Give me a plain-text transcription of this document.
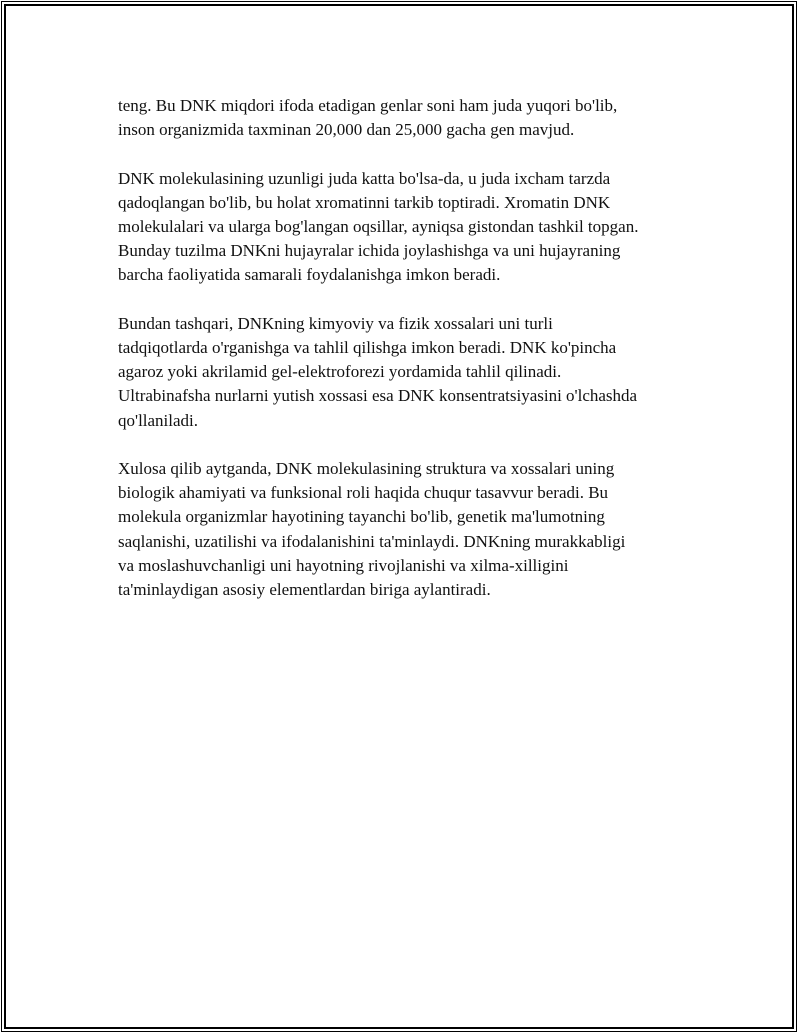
teng. Bu DNK miqdori ifoda etadigan genlar soni ham juda yuqori bo'lib,
inson organizmida taxminan 20,000 dan 25,000 gacha gen mavjud.

DNK molekulasining uzunligi juda katta bo'lsa-da, u juda ixcham tarzda
qadoqlangan bo'lib, bu holat xromatinni tarkib toptiradi. Xromatin DNK
molekulalari va ularga bog'langan oqsillar, ayniqsa gistondan tashkil topgan.
Bunday tuzilma DNKni hujayralar ichida joylashishga va uni hujayraning
barcha faoliyatida samarali foydalanishga imkon beradi.

Bundan tashqari, DNKning kimyoviy va fizik xossalari uni turli
tadqiqotlarda o'rganishga va tahlil qilishga imkon beradi. DNK ko'pincha
agaroz yoki akrilamid gel-elektroforezi yordamida tahlil qilinadi.
Ultrabinafsha nurlarni yutish xossasi esa DNK konsentratsiyasini o'lchashda
qo'llaniladi.

Xulosa qilib aytganda, DNK molekulasining struktura va xossalari uning
biologik ahamiyati va funksional roli haqida chuqur tasavvur beradi. Bu
molekula organizmlar hayotining tayanchi bo'lib, genetik ma'lumotning
saqlanishi, uzatilishi va ifodalanishini ta'minlaydi. DNKning murakkabligi
va moslashuvchanligi uni hayotning rivojlanishi va xilma-xilligini
ta'minlaydigan asosiy elementlardan biriga aylantiradi.
